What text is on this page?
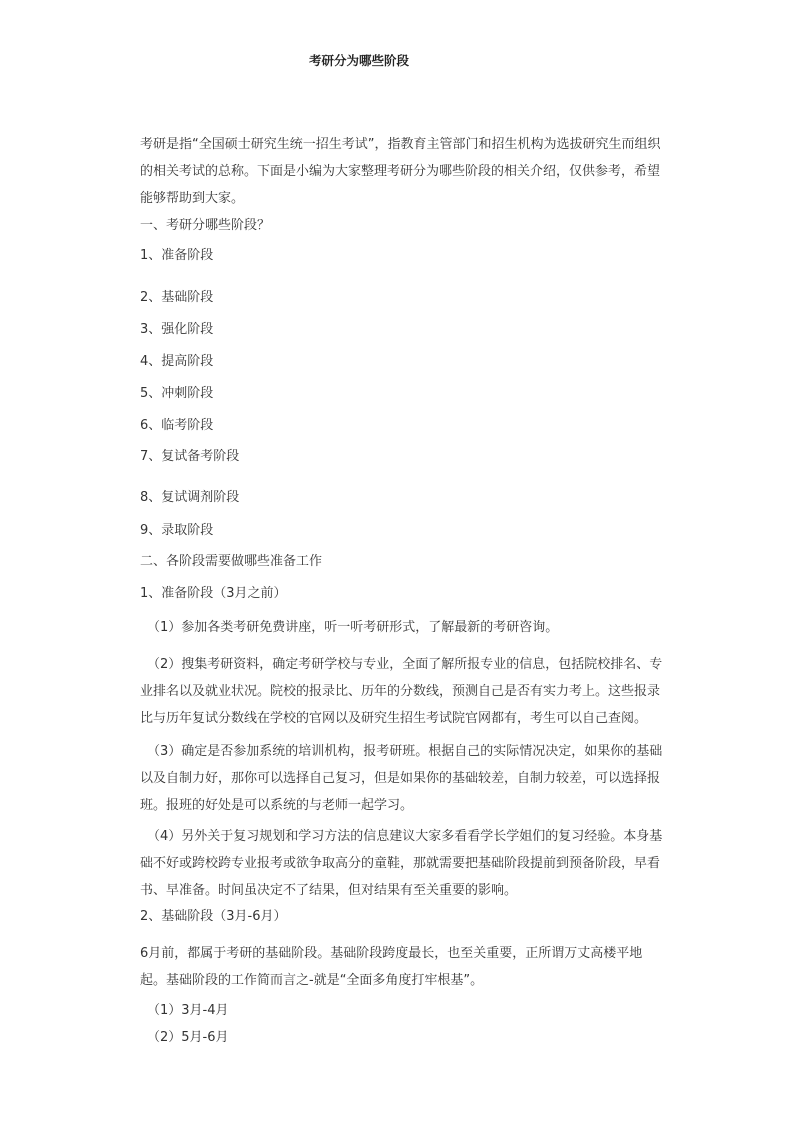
考研分为哪些阶段

考研是指“全国硕士研究生统一招生考试”，指教育主管部门和招生机构为选拔研究生而组织的相关考试的总称。下面是小编为大家整理考研分为哪些阶段的相关介绍，仅供参考，希望能够帮助到大家。

一、考研分哪些阶段？
1、准备阶段
2、基础阶段
3、强化阶段
4、提高阶段
5、冲刺阶段
6、临考阶段
7、复试备考阶段
8、复试调剂阶段
9、录取阶段
二、各阶段需要做哪些准备工作
1、准备阶段（3月之前）
（1）参加各类考研免费讲座，听一听考研形式，了解最新的考研咨询。

（2）搜集考研资料，确定考研学校与专业，全面了解所报专业的信息，包括院校排名、专业排名以及就业状况。院校的报录比、历年的分数线，预测自己是否有实力考上。这些报录比与历年复试分数线在学校的官网以及研究生招生考试院官网都有，考生可以自己查阅。

（3）确定是否参加系统的培训机构，报考研班。根据自己的实际情况决定，如果你的基础以及自制力好，那你可以选择自己复习，但是如果你的基础较差，自制力较差，可以选择报班。报班的好处是可以系统的与老师一起学习。

（4）另外关于复习规划和学习方法的信息建议大家多看看学长学姐们的复习经验。本身基础不好或跨校跨专业报考或欲争取高分的童鞋，那就需要把基础阶段提前到预备阶段，早看书、早准备。时间虽决定不了结果，但对结果有至关重要的影响。

2、基础阶段（3月-6月）

6月前，都属于考研的基础阶段。基础阶段跨度最长，也至关重要，正所谓万丈高楼平地起。基础阶段的工作简而言之-就是“全面多角度打牢根基”。

（1）3月-4月
（2）5月-6月
